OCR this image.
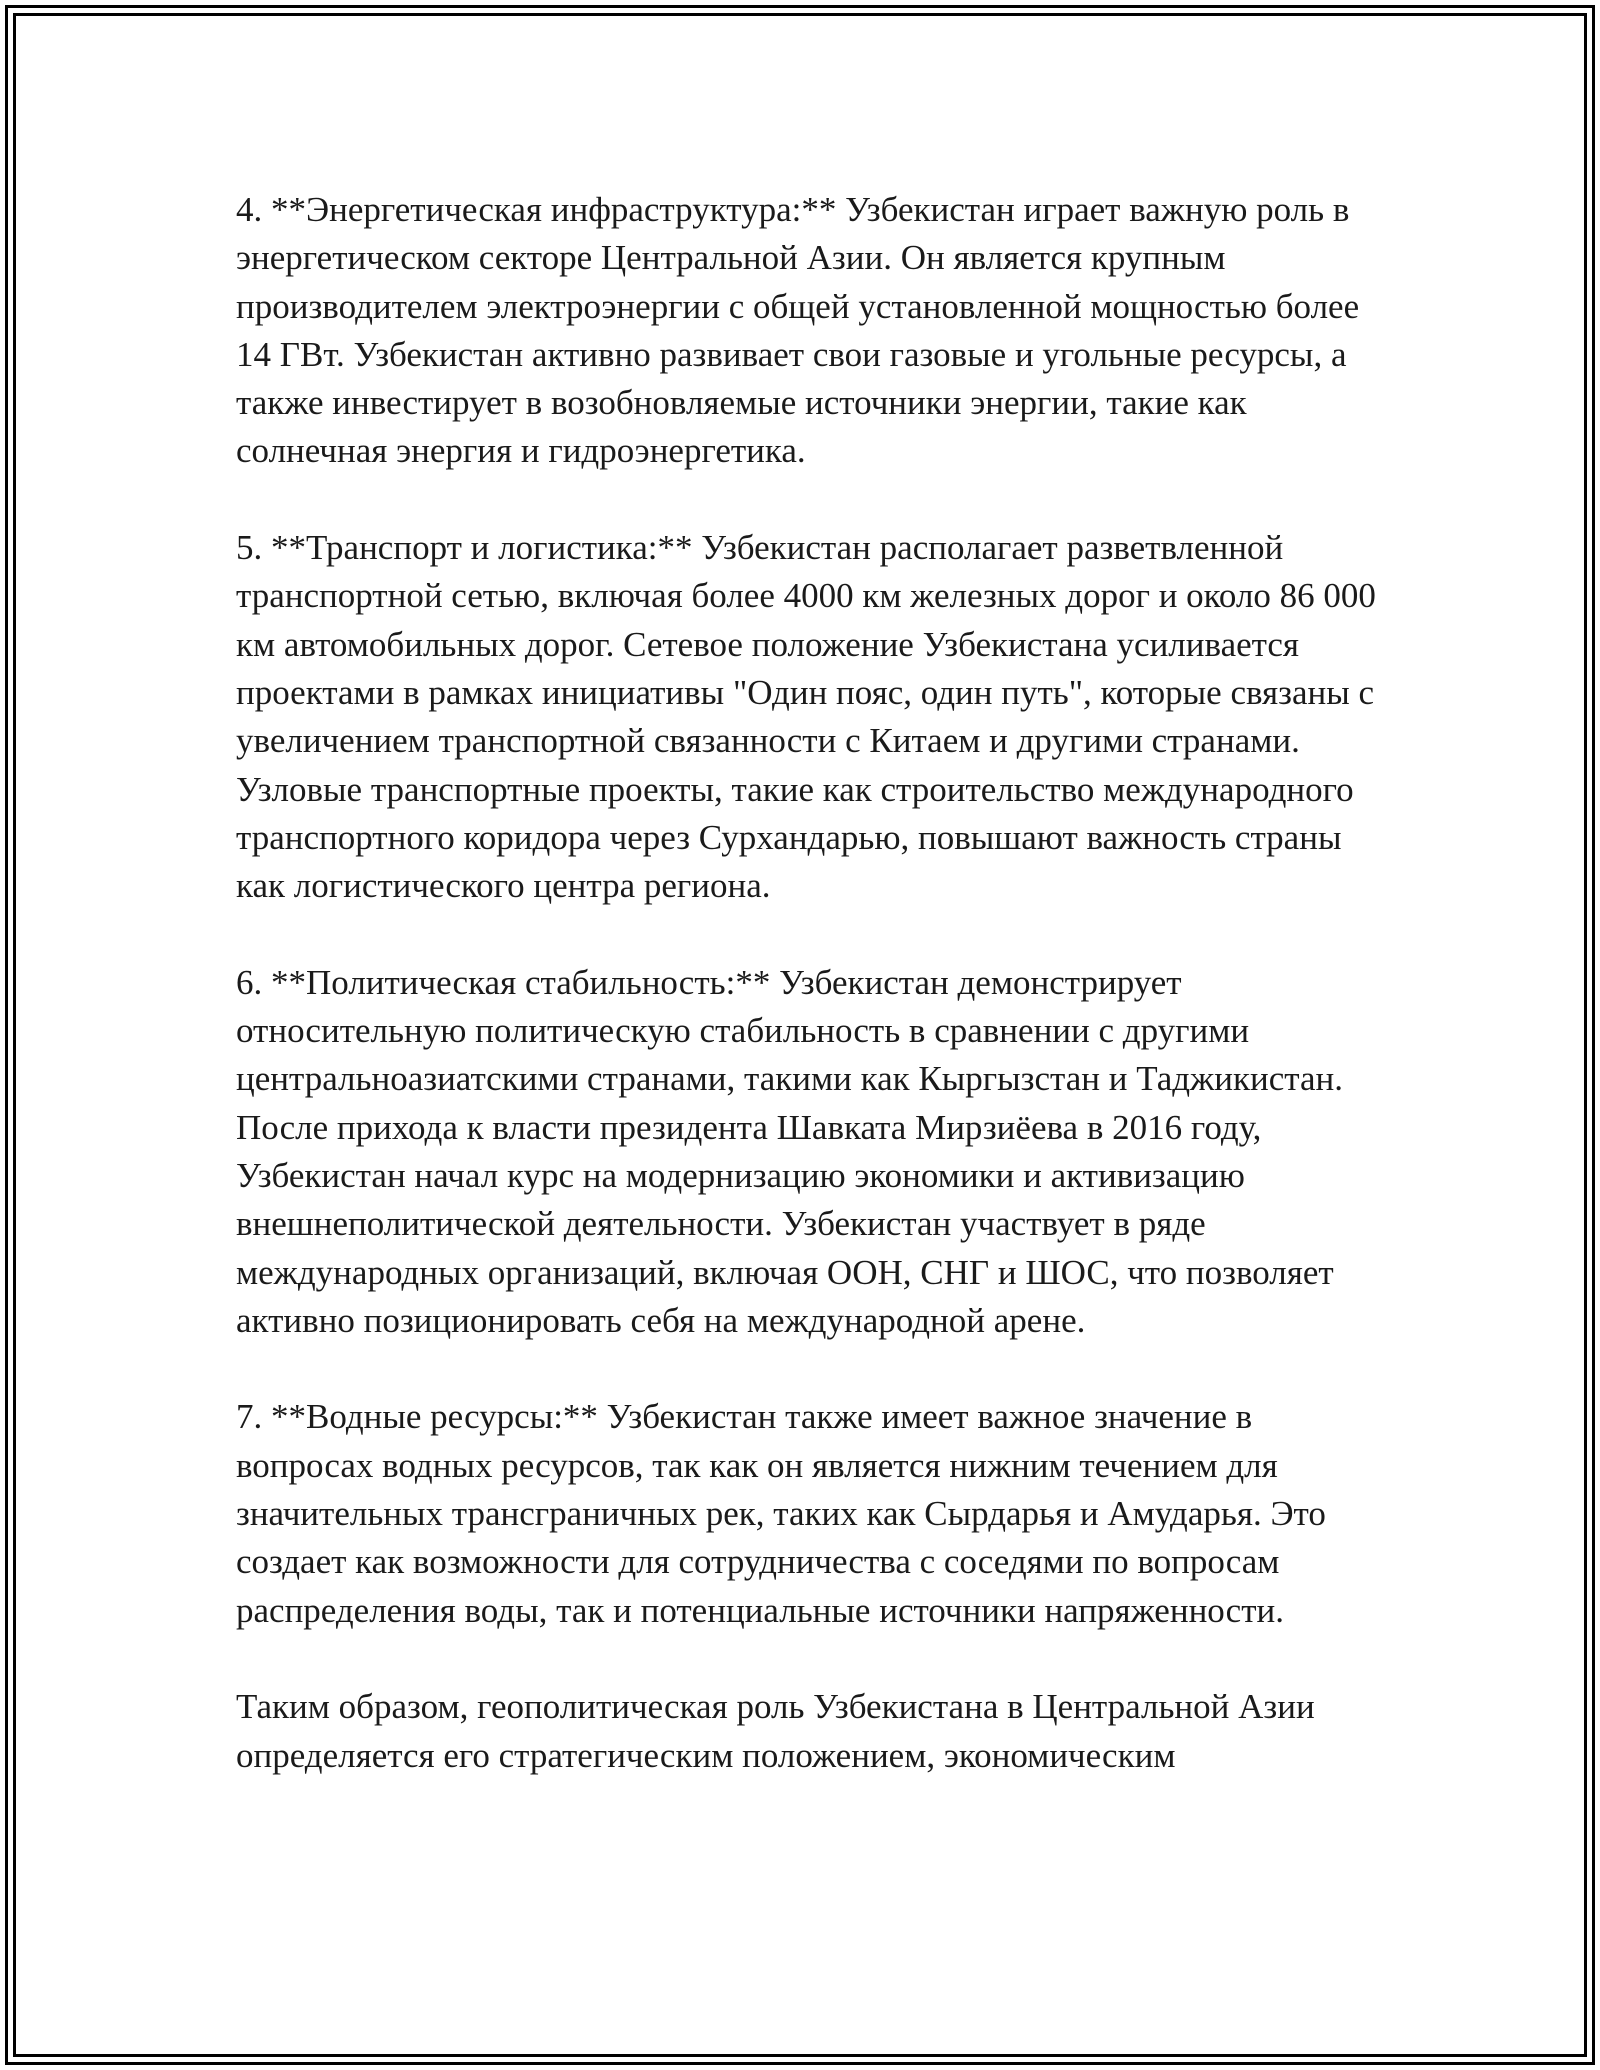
4. **Энергетическая инфраструктура:** Узбекистан играет важную роль в энергетическом секторе Центральной Азии. Он является крупным производителем электроэнергии с общей установленной мощностью более 14 ГВт. Узбекистан активно развивает свои газовые и угольные ресурсы, а также инвестирует в возобновляемые источники энергии, такие как солнечная энергия и гидроэнергетика.

5. **Транспорт и логистика:** Узбекистан располагает разветвленной транспортной сетью, включая более 4000 км железных дорог и около 86 000 км автомобильных дорог. Сетевое положение Узбекистана усиливается проектами в рамках инициативы "Один пояс, один путь", которые связаны с увеличением транспортной связанности с Китаем и другими странами. Узловые транспортные проекты, такие как строительство международного транспортного коридора через Сурхандарью, повышают важность страны как логистического центра региона.

6. **Политическая стабильность:** Узбекистан демонстрирует относительную политическую стабильность в сравнении с другими центральноазиатскими странами, такими как Кыргызстан и Таджикистан. После прихода к власти президента Шавката Мирзиёева в 2016 году, Узбекистан начал курс на модернизацию экономики и активизацию внешнеполитической деятельности. Узбекистан участвует в ряде международных организаций, включая ООН, СНГ и ШОС, что позволяет активно позиционировать себя на международной арене.

7. **Водные ресурсы:** Узбекистан также имеет важное значение в вопросах водных ресурсов, так как он является нижним течением для значительных трансграничных рек, таких как Сырдарья и Амударья. Это создает как возможности для сотрудничества с соседями по вопросам распределения воды, так и потенциальные источники напряженности.

Таким образом, геополитическая роль Узбекистана в Центральной Азии определяется его стратегическим положением, экономическим
